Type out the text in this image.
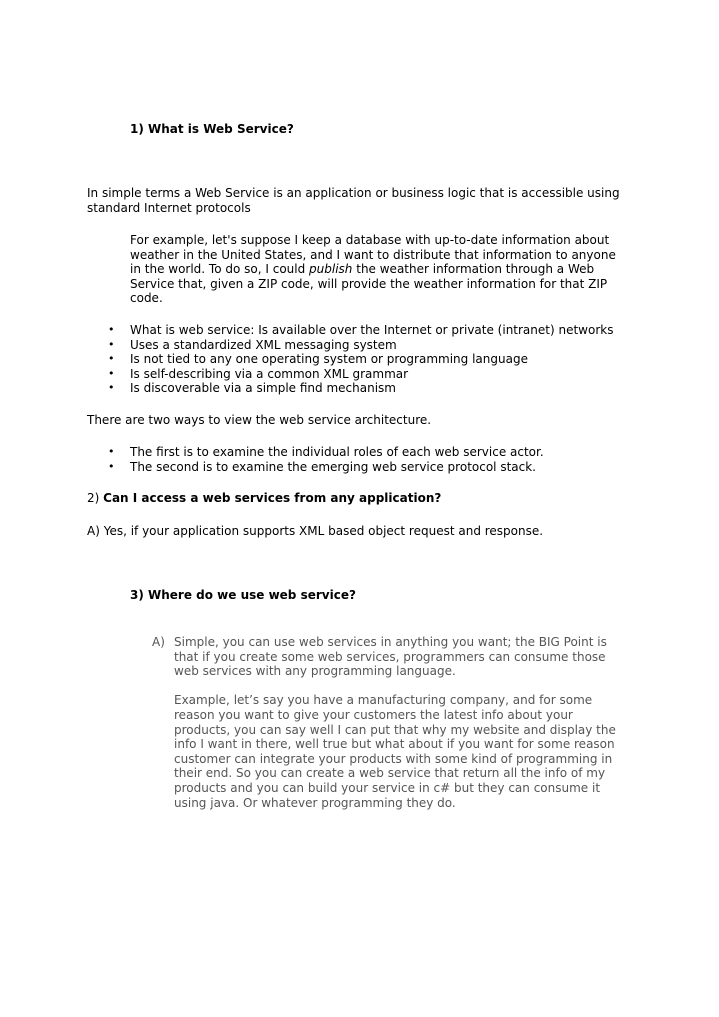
1) What is Web Service?
In simple terms a Web Service is an application or business logic that is accessible using
standard Internet protocols
For example, let's suppose I keep a database with up-to-date information about weather in the United States, and I want to distribute that information to anyone in the world. To do so, I could publish the weather information through a Web Service that, given a ZIP code, will provide the weather information for that ZIP code.
• What is web service: Is available over the Internet or private (intranet) networks
• Uses a standardized XML messaging system
• Is not tied to any one operating system or programming language
• Is self-describing via a common XML grammar
• Is discoverable via a simple find mechanism
There are two ways to view the web service architecture.
• The first is to examine the individual roles of each web service actor.
• The second is to examine the emerging web service protocol stack.
2) Can I access a web services from any application?
A) Yes, if your application supports XML based object request and response.
3) Where do we use web service?
A) Simple, you can use web services in anything you want; the BIG Point is that if you create some web services, programmers can consume those web services with any programming language.
Example, let’s say you have a manufacturing company, and for some reason you want to give your customers the latest info about your products, you can say well I can put that why my website and display the info I want in there, well true but what about if you want for some reason customer can integrate your products with some kind of programming in their end. So you can create a web service that return all the info of my products and you can build your service in c# but they can consume it using java. Or whatever programming they do.
